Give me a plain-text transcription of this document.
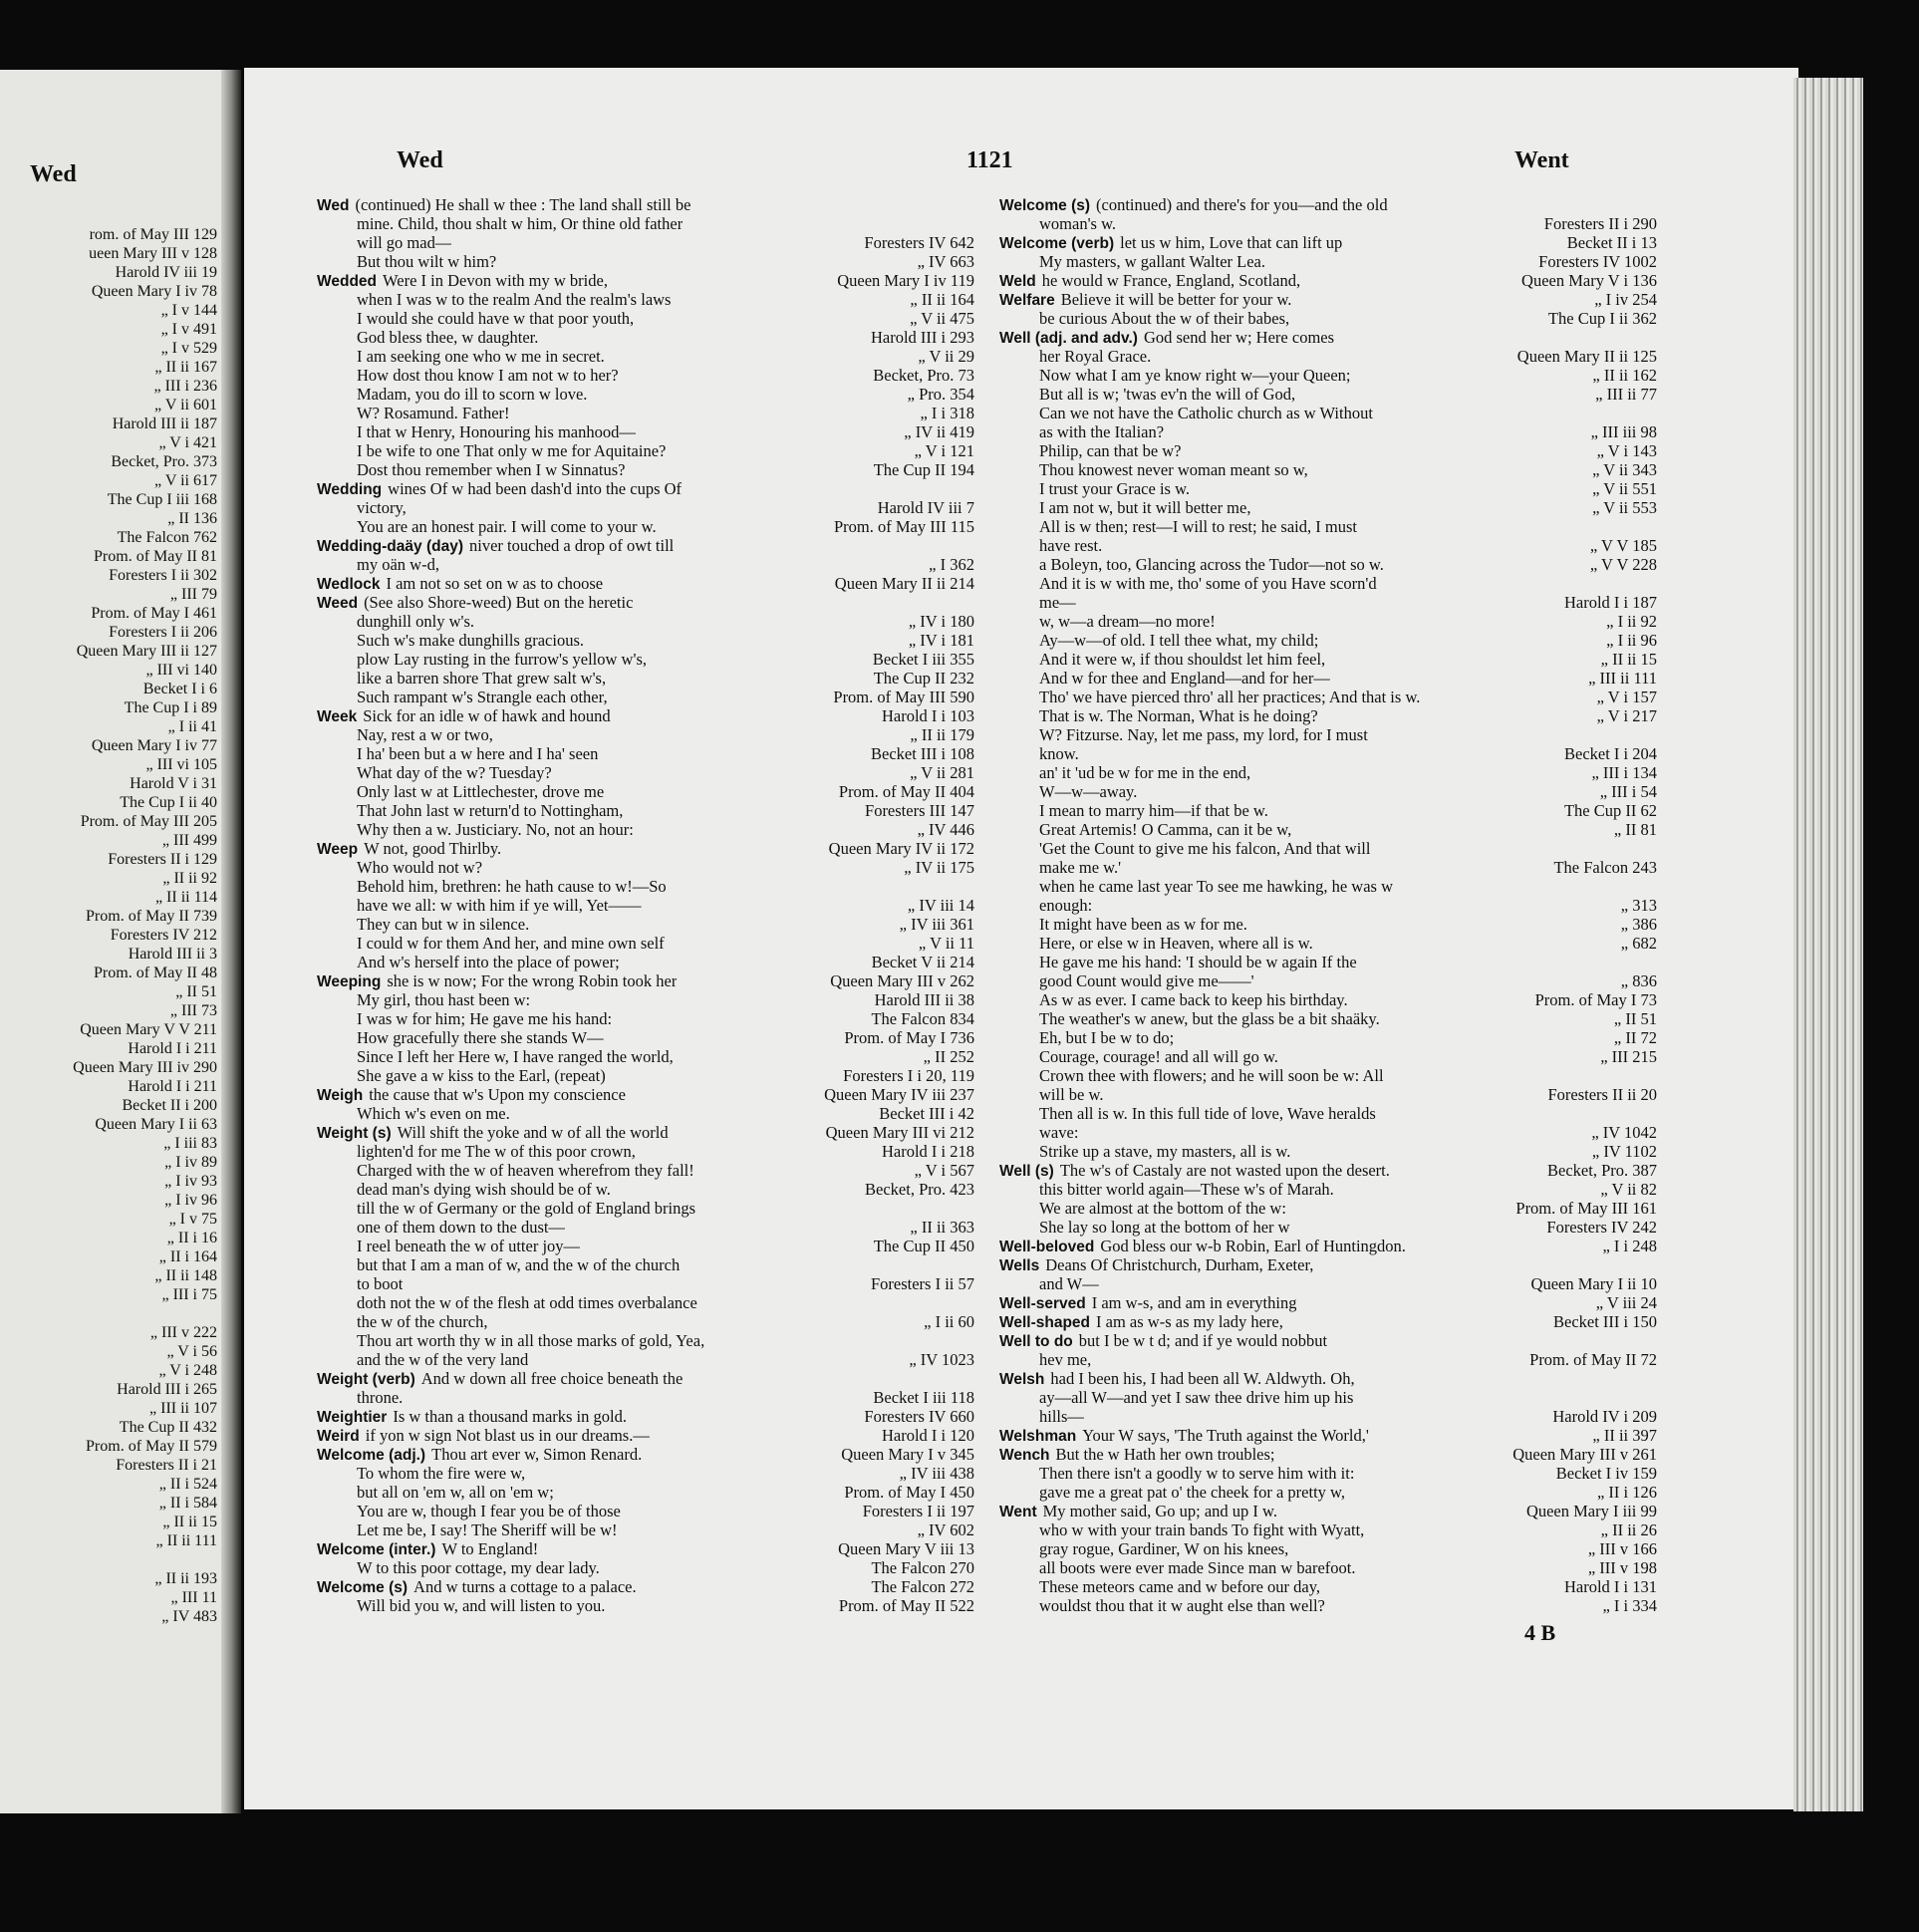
Wed
rom. of May III 129
ueen Mary III v 128
Harold IV iii 19
Queen Mary I iv 78
„ I v 144
„ I v 491
„ I v 529
„ II ii 167
„ III i 236
„ V ii 601
Harold III ii 187
„ V i 421
Becket, Pro. 373
„ V ii 617
The Cup I iii 168
„ II 136
The Falcon 762
Prom. of May II 81
Foresters I ii 302
„ III 79
Prom. of May I 461
Foresters I ii 206
Queen Mary III ii 127
„ III vi 140
Becket I i 6
The Cup I i 89
„ I ii 41
Queen Mary I iv 77
„ III vi 105
Harold V i 31
The Cup I ii 40
Prom. of May III 205
„ III 499
Foresters II i 129
„ II ii 92
„ II ii 114
Prom. of May II 739
Foresters IV 212
Harold III ii 3
Prom. of May II 48
„ II 51
„ III 73
Queen Mary V V 211
Harold I i 211
Queen Mary III iv 290
Harold I i 211
Becket II i 200
Queen Mary I ii 63
„ I iii 83
„ I iv 89
„ I iv 93
„ I iv 96
„ I v 75
„ II i 16
„ II i 164
„ II ii 148
„ III i 75
„ III v 222
„ V i 56
„ V i 248
Harold III i 265
„ III ii 107
The Cup II 432
Prom. of May II 579
Foresters II i 21
„ II i 524
„ II i 584
„ II ii 15
„ II ii 111
„ II ii 193
„ III 11
„ IV 483
Wed	1121	Went
Wed (continued) He shall w thee : The land shall still be
mine. Child, thou shalt w him, Or thine old father
will go mad—	Foresters IV 642
But thou wilt w him?	„ IV 663
Wedded Were I in Devon with my w bride,	Queen Mary I iv 119
when I was w to the realm And the realm's laws	„ II ii 164
I would she could have w that poor youth,	„ V ii 475
God bless thee, w daughter.	Harold III i 293
I am seeking one who w me in secret.	„ V ii 29
How dost thou know I am not w to her?	Becket, Pro. 73
Madam, you do ill to scorn w love.	„ Pro. 354
W? Rosamund. Father!	„ I i 318
I that w Henry, Honouring his manhood—	„ IV ii 419
I be wife to one That only w me for Aquitaine?	„ V i 121
Dost thou remember when I w Sinnatus?	The Cup II 194
Wedding wines Of w had been dash'd into the cups Of
victory,	Harold IV iii 7
You are an honest pair. I will come to your w.	Prom. of May III 115
Wedding-daäy (day) niver touched a drop of owt till
my oän w-d,	„ I 362
Wedlock I am not so set on w as to choose	Queen Mary II ii 214
Weed (See also Shore-weed) But on the heretic
dunghill only w's.	„ IV i 180
Such w's make dunghills gracious.	„ IV i 181
plow Lay rusting in the furrow's yellow w's,	Becket I iii 355
like a barren shore That grew salt w's,	The Cup II 232
Such rampant w's Strangle each other,	Prom. of May III 590
Week Sick for an idle w of hawk and hound	Harold I i 103
Nay, rest a w or two,	„ II ii 179
I ha' been but a w here and I ha' seen	Becket III i 108
What day of the w? Tuesday?	„ V ii 281
Only last w at Littlechester, drove me	Prom. of May II 404
That John last w return'd to Nottingham,	Foresters III 147
Why then a w. Justiciary. No, not an hour:	„ IV 446
Weep W not, good Thirlby.	Queen Mary IV ii 172
Who would not w?	„ IV ii 175
Behold him, brethren: he hath cause to w!—So
have we all: w with him if ye will, Yet——	„ IV iii 14
They can but w in silence.	„ IV iii 361
I could w for them And her, and mine own self	„ V ii 11
And w's herself into the place of power;	Becket V ii 214
Weeping she is w now; For the wrong Robin took her	Queen Mary III v 262
My girl, thou hast been w:	Harold III ii 38
I was w for him; He gave me his hand:	The Falcon 834
How gracefully there she stands W—	Prom. of May I 736
Since I left her Here w, I have ranged the world,	„ II 252
She gave a w kiss to the Earl, (repeat)	Foresters I i 20, 119
Weigh the cause that w's Upon my conscience	Queen Mary IV iii 237
Which w's even on me.	Becket III i 42
Weight (s) Will shift the yoke and w of all the world	Queen Mary III vi 212
lighten'd for me The w of this poor crown,	Harold I i 218
Charged with the w of heaven wherefrom they fall!	„ V i 567
dead man's dying wish should be of w.	Becket, Pro. 423
till the w of Germany or the gold of England brings
one of them down to the dust—	„ II ii 363
I reel beneath the w of utter joy—	The Cup II 450
but that I am a man of w, and the w of the church
to boot	Foresters I ii 57
doth not the w of the flesh at odd times overbalance
the w of the church,	„ I ii 60
Thou art worth thy w in all those marks of gold, Yea,
and the w of the very land	„ IV 1023
Weight (verb) And w down all free choice beneath the
throne.	Becket I iii 118
Weightier Is w than a thousand marks in gold.	Foresters IV 660
Weird if yon w sign Not blast us in our dreams.—	Harold I i 120
Welcome (adj.) Thou art ever w, Simon Renard.	Queen Mary I v 345
To whom the fire were w,	„ IV iii 438
but all on 'em w, all on 'em w;	Prom. of May I 450
You are w, though I fear you be of those	Foresters I ii 197
Let me be, I say! The Sheriff will be w!	„ IV 602
Welcome (inter.) W to England!	Queen Mary V iii 13
W to this poor cottage, my dear lady.	The Falcon 270
Welcome (s) And w turns a cottage to a palace.	The Falcon 272
Will bid you w, and will listen to you.	Prom. of May II 522
Welcome (s) (continued) and there's for you—and the old
woman's w.	Foresters II i 290
Welcome (verb) let us w him, Love that can lift up	Becket II i 13
My masters, w gallant Walter Lea.	Foresters IV 1002
Weld he would w France, England, Scotland,	Queen Mary V i 136
Welfare Believe it will be better for your w.	„ I iv 254
be curious About the w of their babes,	The Cup I ii 362
Well (adj. and adv.) God send her w; Here comes
her Royal Grace.	Queen Mary II ii 125
Now what I am ye know right w—your Queen;	„ II ii 162
But all is w; 'twas ev'n the will of God,	„ III ii 77
Can we not have the Catholic church as w Without
as with the Italian?	„ III iii 98
Philip, can that be w?	„ V i 143
Thou knowest never woman meant so w,	„ V ii 343
I trust your Grace is w.	„ V ii 551
I am not w, but it will better me,	„ V ii 553
All is w then; rest—I will to rest; he said, I must
have rest.	„ V V 185
a Boleyn, too, Glancing across the Tudor—not so w.	„ V V 228
And it is w with me, tho' some of you Have scorn'd
me—	Harold I i 187
w, w—a dream—no more!	„ I ii 92
Ay—w—of old. I tell thee what, my child;	„ I ii 96
And it were w, if thou shouldst let him feel,	„ II ii 15
And w for thee and England—and for her—	„ III ii 111
Tho' we have pierced thro' all her practices; And that is w.	„ V i 157
That is w. The Norman, What is he doing?	„ V i 217
W? Fitzurse. Nay, let me pass, my lord, for I must
know.	Becket I i 204
an' it 'ud be w for me in the end,	„ III i 134
W—w—away.	„ III i 54
I mean to marry him—if that be w.	The Cup II 62
Great Artemis! O Camma, can it be w,	„ II 81
'Get the Count to give me his falcon, And that will
make me w.'	The Falcon 243
when he came last year To see me hawking, he was w
enough:	„ 313
It might have been as w for me.	„ 386
Here, or else w in Heaven, where all is w.	„ 682
He gave me his hand: 'I should be w again If the
good Count would give me——'	„ 836
As w as ever. I came back to keep his birthday.	Prom. of May I 73
The weather's w anew, but the glass be a bit shaäky.	„ II 51
Eh, but I be w to do;	„ II 72
Courage, courage! and all will go w.	„ III 215
Crown thee with flowers; and he will soon be w: All
will be w.	Foresters II ii 20
Then all is w. In this full tide of love, Wave heralds
wave:	„ IV 1042
Strike up a stave, my masters, all is w.	„ IV 1102
Well (s) The w's of Castaly are not wasted upon the desert.	Becket, Pro. 387
this bitter world again—These w's of Marah.	„ V ii 82
We are almost at the bottom of the w:	Prom. of May III 161
She lay so long at the bottom of her w	Foresters IV 242
Well-beloved God bless our w-b Robin, Earl of Huntingdon.	„ I i 248
Wells Deans Of Christchurch, Durham, Exeter,
and W—	Queen Mary I ii 10
Well-served I am w-s, and am in everything	„ V iii 24
Well-shaped I am as w-s as my lady here,	Becket III i 150
Well to do but I be w t d; and if ye would nobbut
hev me,	Prom. of May II 72
Welsh had I been his, I had been all W. Aldwyth. Oh,
ay—all W—and yet I saw thee drive him up his
hills—	Harold IV i 209
Welshman Your W says, 'The Truth against the World,'	„ II ii 397
Wench But the w Hath her own troubles;	Queen Mary III v 261
Then there isn't a goodly w to serve him with it:	Becket I iv 159
gave me a great pat o' the cheek for a pretty w,	„ II i 126
Went My mother said, Go up; and up I w.	Queen Mary I iii 99
who w with your train bands To fight with Wyatt,	„ II ii 26
gray rogue, Gardiner, W on his knees,	„ III v 166
all boots were ever made Since man w barefoot.	„ III v 198
These meteors came and w before our day,	Harold I i 131
wouldst thou that it w aught else than well?	„ I i 334
4 B
